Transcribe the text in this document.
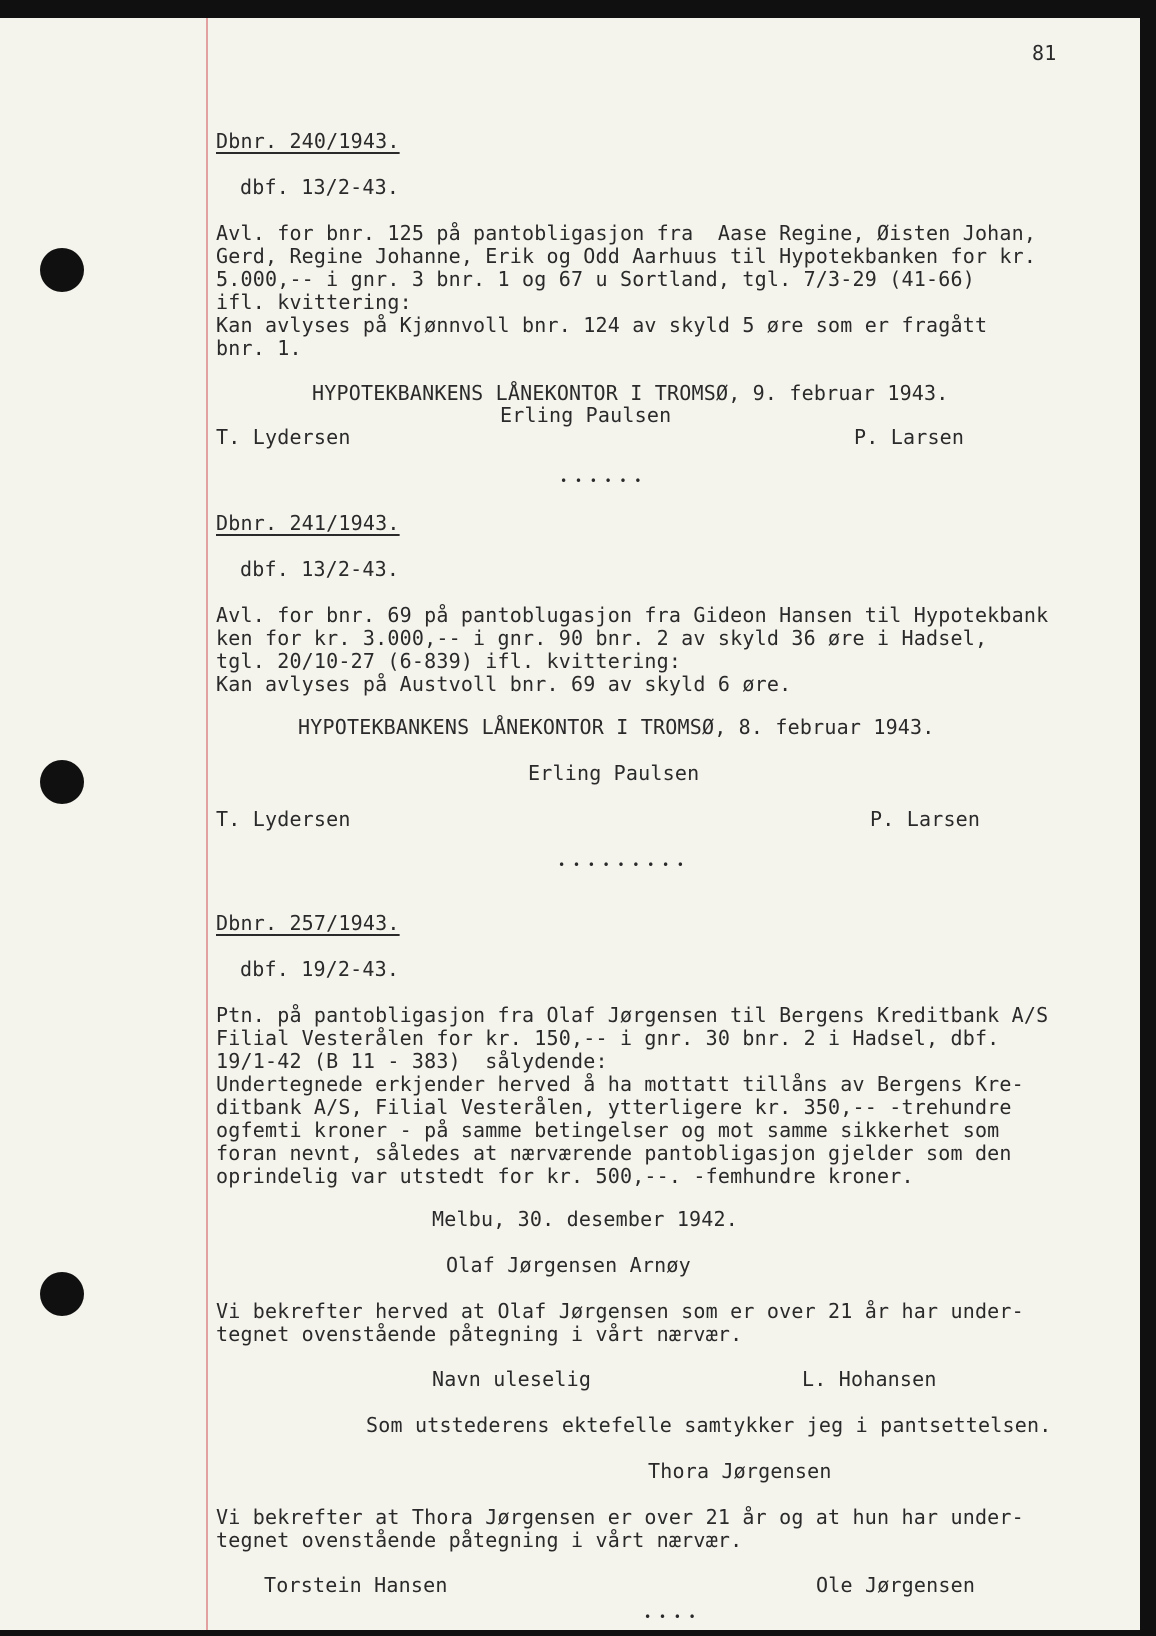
81
Dbnr. 240/1943.
dbf. 13/2-43.
Avl. for bnr. 125 på pantobligasjon fra  Aase Regine, Øisten Johan,
Gerd, Regine Johanne, Erik og Odd Aarhuus til Hypotekbanken for kr.
5.000,-- i gnr. 3 bnr. 1 og 67 u Sortland, tgl. 7/3-29 (41-66)
ifl. kvittering:
Kan avlyses på Kjønnvoll bnr. 124 av skyld 5 øre som er fragått
bnr. 1.
HYPOTEKBANKENS LÅNEKONTOR I TROMSØ, 9. februar 1943.
Erling Paulsen
T. Lydersen	P. Larsen
• • • • • •
Dbnr. 241/1943.
dbf. 13/2-43.
Avl. for bnr. 69 på pantoblugasjon fra Gideon Hansen til Hypotekbank
ken for kr. 3.000,-- i gnr. 90 bnr. 2 av skyld 36 øre i Hadsel,
tgl. 20/10-27 (6-839) ifl. kvittering:
Kan avlyses på Austvoll bnr. 69 av skyld 6 øre.
HYPOTEKBANKENS LÅNEKONTOR I TROMSØ, 8. februar 1943.
Erling Paulsen
T. Lydersen	P. Larsen
• • • • • • • • •
Dbnr. 257/1943.
dbf. 19/2-43.
Ptn. på pantobligasjon fra Olaf Jørgensen til Bergens Kreditbank A/S
Filial Vesterålen for kr. 150,-- i gnr. 30 bnr. 2 i Hadsel, dbf.
19/1-42 (B 11 - 383)  sålydende:
Undertegnede erkjender herved å ha mottatt tillåns av Bergens Kre-
ditbank A/S, Filial Vesterålen, ytterligere kr. 350,-- -trehundre
ogfemti kroner - på samme betingelser og mot samme sikkerhet som
foran nevnt, således at nærværende pantobligasjon gjelder som den
oprindelig var utstedt for kr. 500,--. -femhundre kroner.
Melbu, 30. desember 1942.
Olaf Jørgensen Arnøy
Vi bekrefter herved at Olaf Jørgensen som er over 21 år har under-
tegnet ovenstående påtegning i vårt nærvær.
Navn uleselig	L. Hohansen
Som utstederens ektefelle samtykker jeg i pantsettelsen.
Thora Jørgensen
Vi bekrefter at Thora Jørgensen er over 21 år og at hun har under-
tegnet ovenstående påtegning i vårt nærvær.
Torstein Hansen	Ole Jørgensen
• • • •
